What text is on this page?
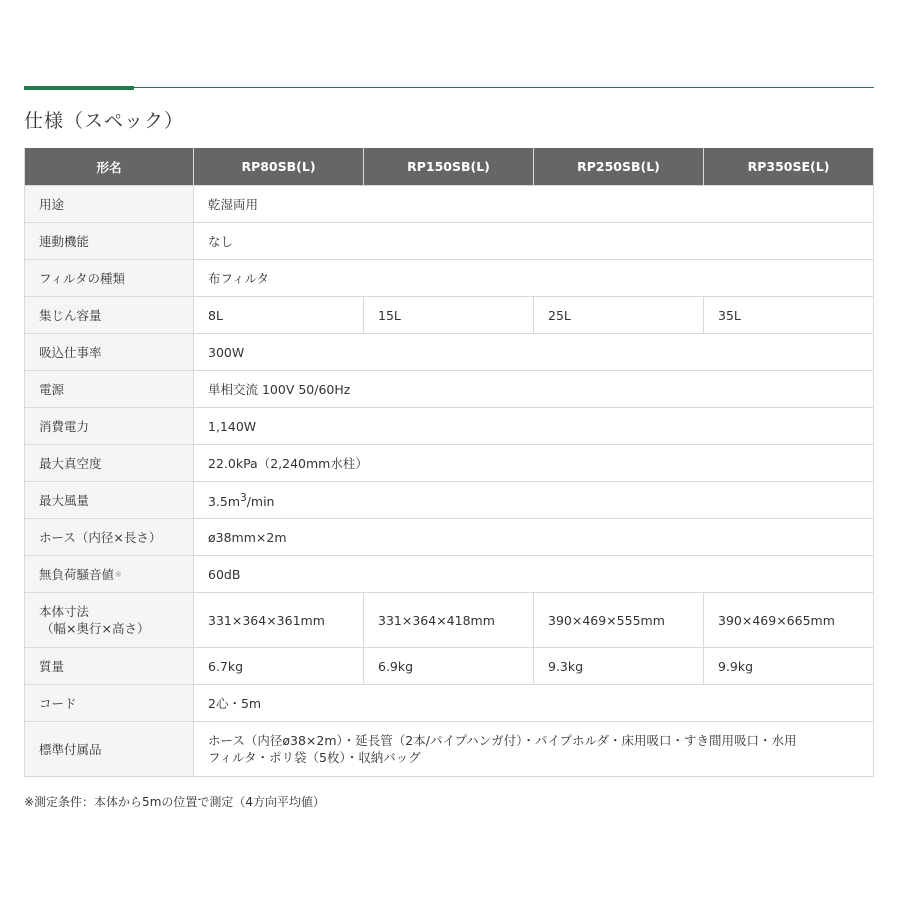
仕様（スペック）
形名	RP80SB(L)	RP150SB(L)	RP250SB(L)	RP350SE(L)
用途	乾湿両用			
連動機能	なし			
フィルタの種類	布フィルタ			
集じん容量	8L	15L	25L	35L
吸込仕事率	300W			
電源	単相交流 100V 50/60Hz			
消費電力	1,140W			
最大真空度	22.0kPa（2,240mm水柱）			
最大風量	$3.5m^3/\min$			
ホース（内径×長さ）	ø38mm×2m			
無負荷騒音値※	60dB			

本体寸法
（幅×奥行×高さ）	331×364×361mm	331×364×418mm	390×469×555mm	390×469×665mm
質量	6.7kg	6.9kg	9.3kg	9.9kg
コード	2心・5m			
標準付属品	ホース（内径ø38×2m）・延長管（2本/パイプハンガ付）・パイプホルダ・床用吸口・すき間用吸口・水用
フィルタ・ポリ袋（5枚）・収納バッグ			

※測定条件：本体から5mの位置で測定（4方向平均値）
